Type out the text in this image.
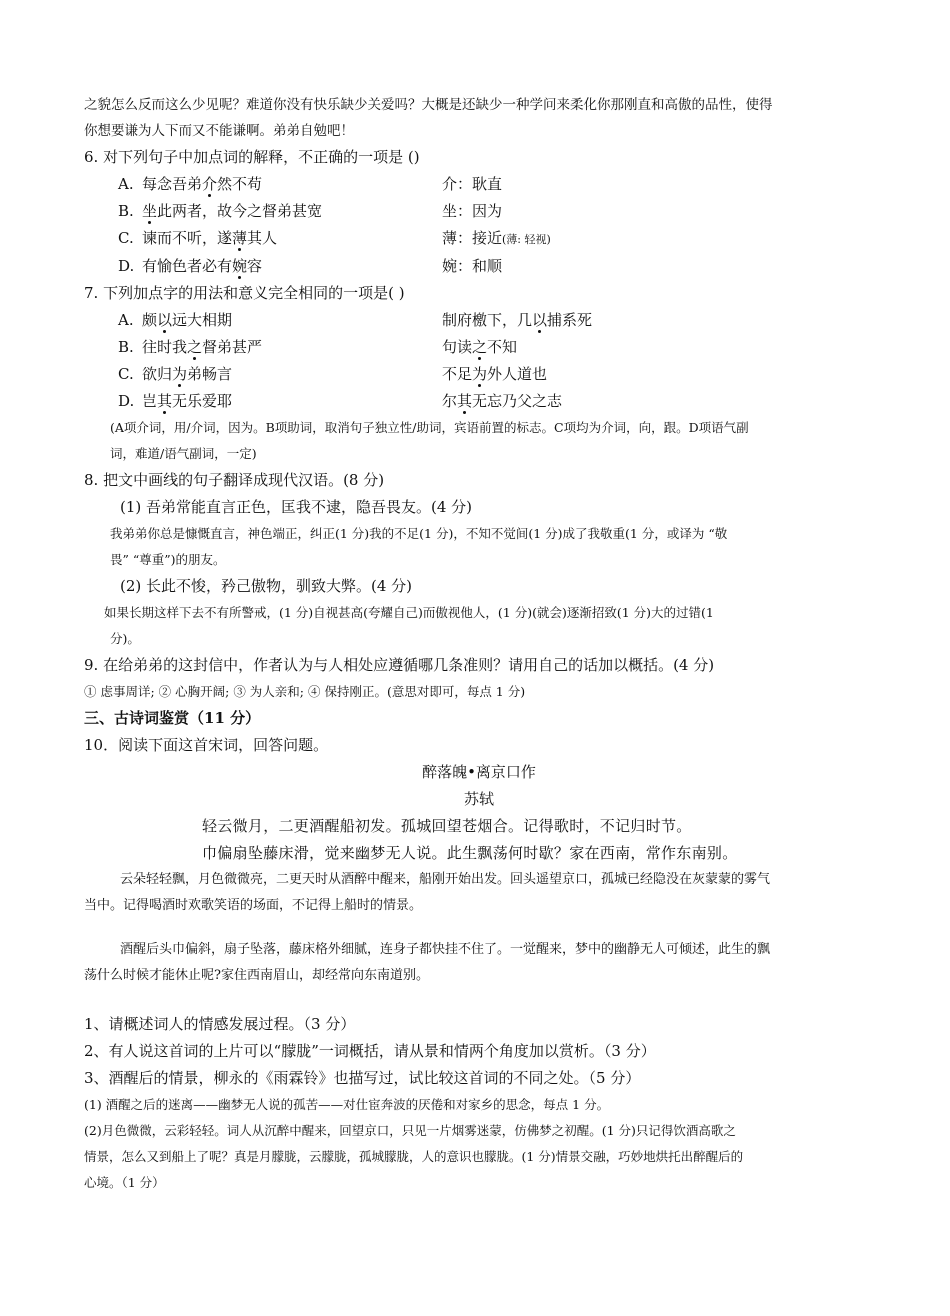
之貌怎么反而这么少见呢？难道你没有快乐缺少关爱吗？大概是还缺少一种学问来柔化你那刚直和高傲的品性，使得

你想要谦为人下而又不能谦啊。弟弟自勉吧！

6. 对下列句子中加点词的解释，不正确的一项是 ()

A. 每念吾弟介然不苟	介：耿直
B. 坐此两者，故今之督弟甚宽	坐：因为
C. 谏而不听，遂薄其人	薄：接近(薄: 轻视)
D. 有愉色者必有婉容	婉：和顺

7. 下列加点字的用法和意义完全相同的一项是( )

A. 颇以远大相期	制府檄下，几以捕系死
B. 往时我之督弟甚严	句读之不知
C. 欲归为弟畅言	不足为外人道也
D. 岂其无乐爱耶	尔其无忘乃父之志

(A项介词，用/介词，因为。B项助词，取消句子独立性/助词，宾语前置的标志。C项均为介词，向，跟。D项语气副

词，难道/语气副词，一定)

8. 把文中画线的句子翻译成现代汉语。(8 分)

(1) 吾弟常能直言正色，匡我不逮，隐吾畏友。(4 分)

我弟弟你总是慷慨直言，神色端正，纠正(1 分)我的不足(1 分)，不知不觉间(1 分)成了我敬重(1 分，或译为 “敬

畏” “尊重”)的朋友。

(2) 长此不悛，矜己傲物，驯致大弊。(4 分)

如果长期这样下去不有所警戒，(1 分)自视甚高(夸耀自己)而傲视他人，(1 分)(就会)逐渐招致(1 分)大的过错(1

分)。

9. 在给弟弟的这封信中，作者认为与人相处应遵循哪几条准则？请用自己的话加以概括。(4 分)

① 虑事周详; ② 心胸开阔; ③ 为人亲和; ④ 保持刚正。(意思对即可，每点 1 分)

三、古诗词鉴赏（11 分）

10．阅读下面这首宋词，回答问题。

醉落魄•离京口作

苏轼

轻云微月，二更酒醒船初发。孤城回望苍烟合。记得歌时，不记归时节。

巾偏扇坠藤床滑，觉来幽梦无人说。此生飘荡何时歇？家在西南，常作东南别。

云朵轻轻飘，月色微微亮，二更天时从酒醉中醒来，船刚开始出发。回头遥望京口，孤城已经隐没在灰蒙蒙的雾气

当中。记得喝酒时欢歌笑语的场面，不记得上船时的情景。

酒醒后头巾偏斜，扇子坠落，藤床格外细腻，连身子都快挂不住了。一觉醒来，梦中的幽静无人可倾述，此生的飘

荡什么时候才能休止呢?家住西南眉山，却经常向东南道别。

1、请概述词人的情感发展过程。（3 分）

2、有人说这首词的上片可以“朦胧”一词概括，请从景和情两个角度加以赏析。（3 分）

3、酒醒后的情景，柳永的《雨霖铃》也描写过，试比较这首词的不同之处。（5 分）

(1) 酒醒之后的迷离——幽梦无人说的孤苦——对仕宦奔波的厌倦和对家乡的思念，每点 1 分。

(2)月色微微，云彩轻轻。词人从沉醉中醒来，回望京口，只见一片烟雾迷蒙，仿佛梦之初醒。(1 分)只记得饮酒高歌之

情景，怎么又到船上了呢？真是月朦胧，云朦胧，孤城朦胧，人的意识也朦胧。(1 分)情景交融，巧妙地烘托出醉醒后的

心境。（1 分）
